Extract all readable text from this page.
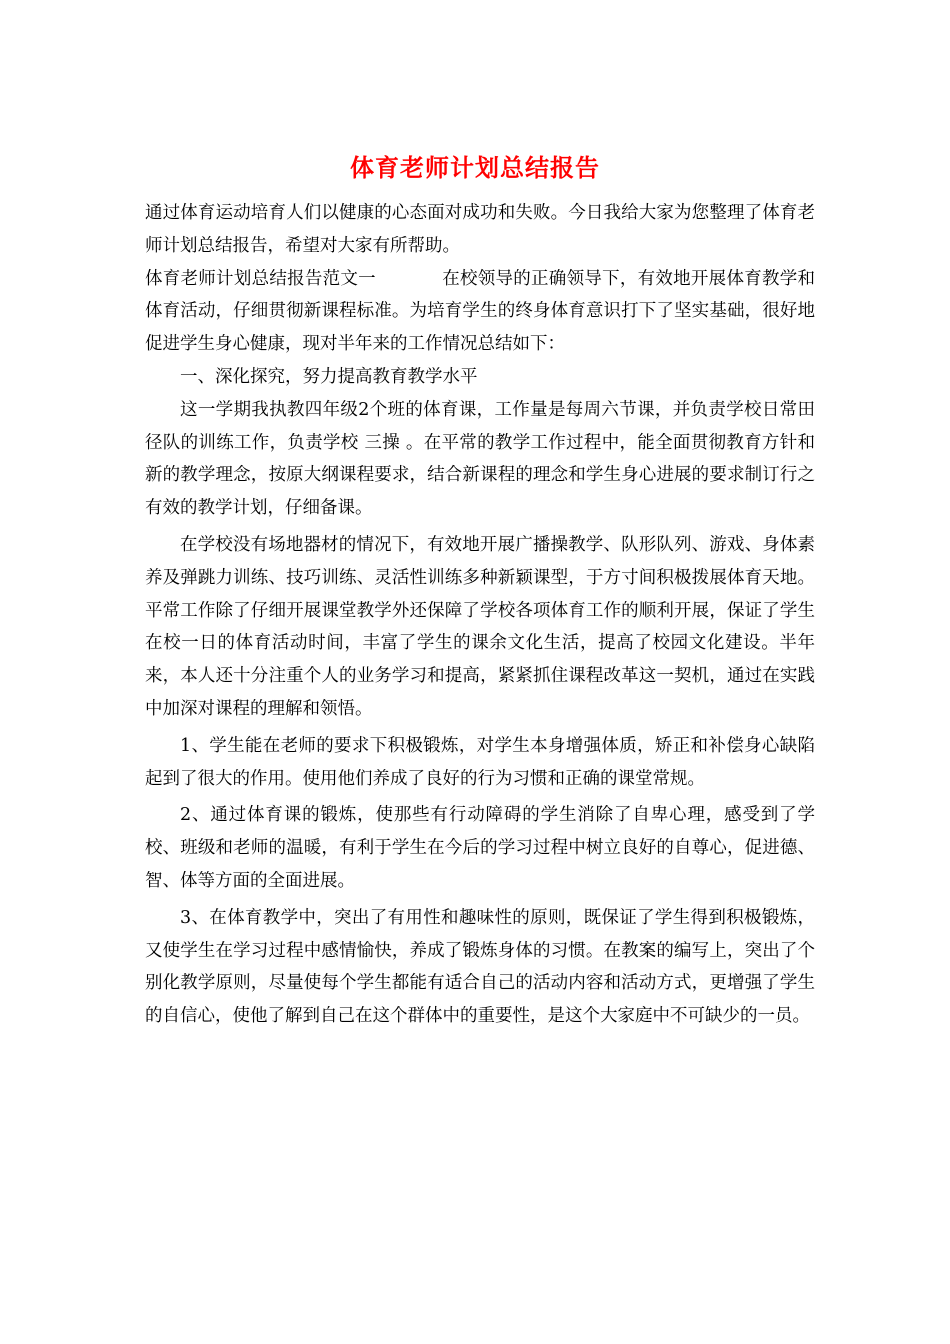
体育老师计划总结报告

通过体育运动培育人们以健康的心态面对成功和失败。今日我给大家为您整理了体育老师计划总结报告，希望对大家有所帮助。

体育老师计划总结报告范文一	在校领导的正确领导下，有效地开展体育教学和体育活动，仔细贯彻新课程标准。为培育学生的终身体育意识打下了坚实基础，很好地促进学生身心健康，现对半年来的工作情况总结如下：

一、深化探究，努力提高教育教学水平

这一学期我执教四年级2个班的体育课，工作量是每周六节课，并负责学校日常田径队的训练工作，负责学校 三操 。在平常的教学工作过程中，能全面贯彻教育方针和新的教学理念，按原大纲课程要求，结合新课程的理念和学生身心进展的要求制订行之有效的教学计划，仔细备课。

在学校没有场地器材的情况下，有效地开展广播操教学、队形队列、游戏、身体素养及弹跳力训练、技巧训练、灵活性训练多种新颖课型，于方寸间积极拨展体育天地。平常工作除了仔细开展课堂教学外还保障了学校各项体育工作的顺利开展，保证了学生在校一日的体育活动时间，丰富了学生的课余文化生活，提高了校园文化建设。半年来，本人还十分注重个人的业务学习和提高，紧紧抓住课程改革这一契机，通过在实践中加深对课程的理解和领悟。

1、学生能在老师的要求下积极锻炼，对学生本身增强体质，矫正和补偿身心缺陷起到了很大的作用。使用他们养成了良好的行为习惯和正确的课堂常规。

2、通过体育课的锻炼，使那些有行动障碍的学生消除了自卑心理，感受到了学校、班级和老师的温暖，有利于学生在今后的学习过程中树立良好的自尊心，促进德、智、体等方面的全面进展。

3、在体育教学中，突出了有用性和趣味性的原则，既保证了学生得到积极锻炼，又使学生在学习过程中感情愉快，养成了锻炼身体的习惯。在教案的编写上，突出了个别化教学原则，尽量使每个学生都能有适合自己的活动内容和活动方式，更增强了学生的自信心，使他了解到自己在这个群体中的重要性，是这个大家庭中不可缺少的一员。
